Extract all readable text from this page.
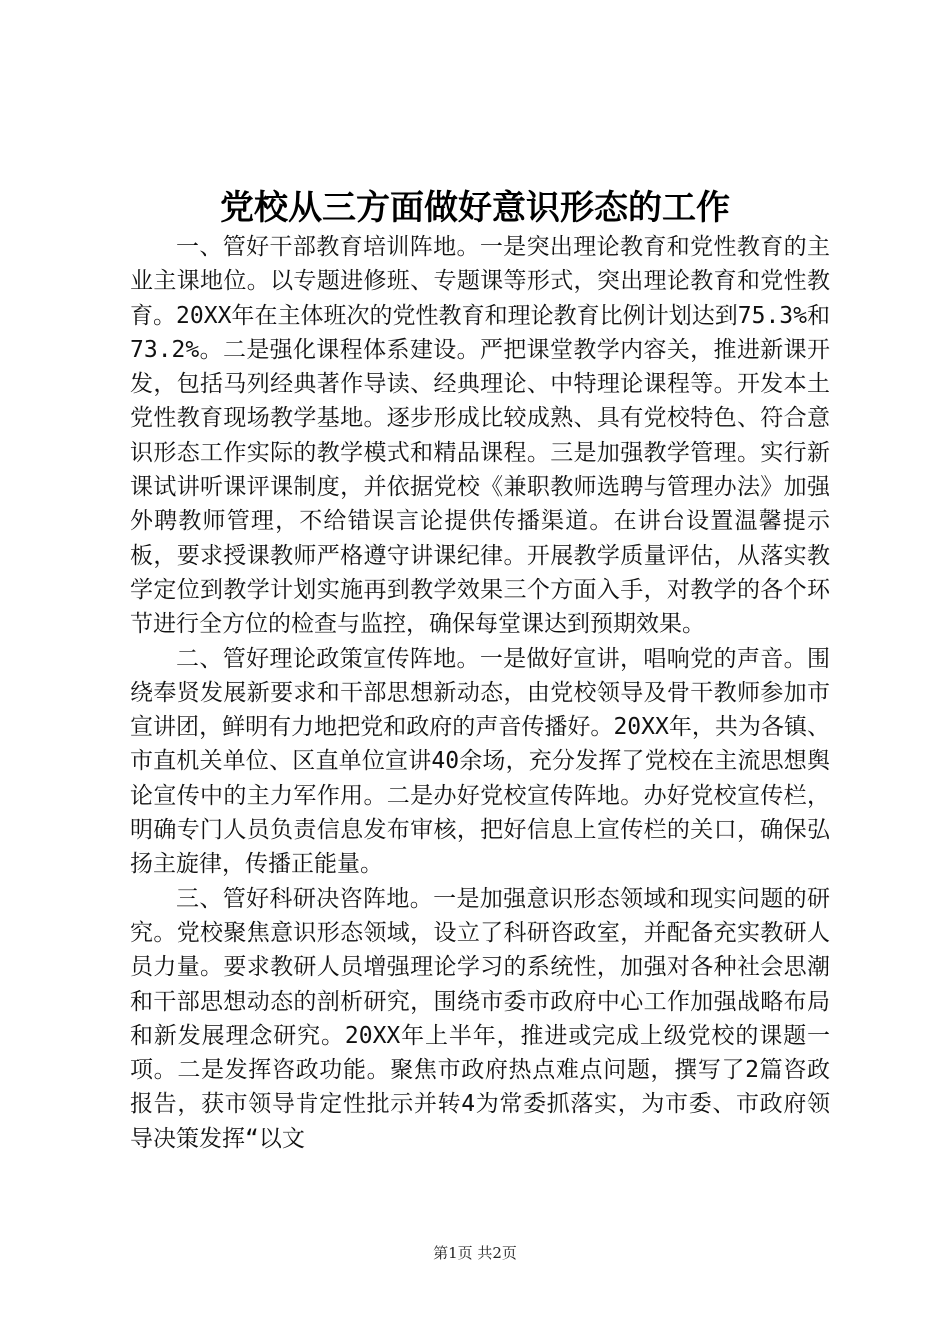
党校从三方面做好意识形态的工作

一、管好干部教育培训阵地。一是突出理论教育和党性教育的主业主课地位。以专题进修班、专题课等形式，突出理论教育和党性教育。20XX年在主体班次的党性教育和理论教育比例计划达到75.3%和73.2%。二是强化课程体系建设。严把课堂教学内容关，推进新课开发，包括马列经典著作导读、经典理论、中特理论课程等。开发本土党性教育现场教学基地。逐步形成比较成熟、具有党校特色、符合意识形态工作实际的教学模式和精品课程。三是加强教学管理。实行新课试讲听课评课制度，并依据党校《兼职教师选聘与管理办法》加强外聘教师管理，不给错误言论提供传播渠道。在讲台设置温馨提示板，要求授课教师严格遵守讲课纪律。开展教学质量评估，从落实教学定位到教学计划实施再到教学效果三个方面入手，对教学的各个环节进行全方位的检查与监控，确保每堂课达到预期效果。

二、管好理论政策宣传阵地。一是做好宣讲，唱响党的声音。围绕奉贤发展新要求和干部思想新动态，由党校领导及骨干教师参加市宣讲团，鲜明有力地把党和政府的声音传播好。20XX年，共为各镇、市直机关单位、区直单位宣讲40余场，充分发挥了党校在主流思想舆论宣传中的主力军作用。二是办好党校宣传阵地。办好党校宣传栏，明确专门人员负责信息发布审核，把好信息上宣传栏的关口，确保弘扬主旋律，传播正能量。

三、管好科研决咨阵地。一是加强意识形态领域和现实问题的研究。党校聚焦意识形态领域，设立了科研咨政室，并配备充实教研人员力量。要求教研人员增强理论学习的系统性，加强对各种社会思潮和干部思想动态的剖析研究，围绕市委市政府中心工作加强战略布局和新发展理念研究。20XX年上半年，推进或完成上级党校的课题一项。二是发挥咨政功能。聚焦市政府热点难点问题，撰写了2篇咨政报告，获市领导肯定性批示并转4为常委抓落实，为市委、市政府领导决策发挥“以文

第1页 共2页
